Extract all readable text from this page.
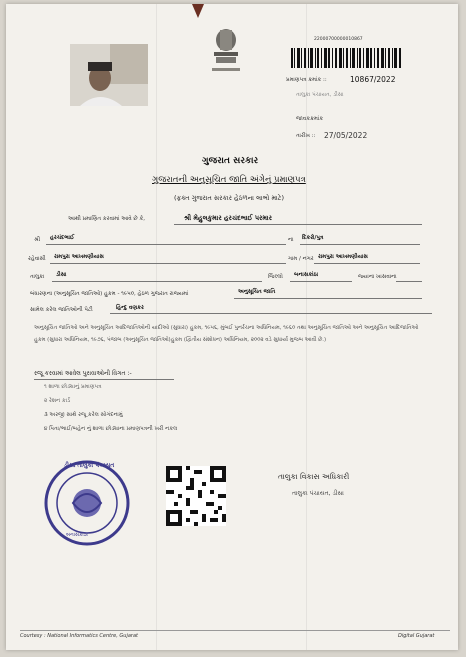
22000700000010867
પ્રમાણપત્ર ક્રમાંક ::	10867/2022
તાલુકા પંચાયત, ડીસા
જાવકક્રમાંક
તારીખ :: 27/05/2022
ગુજરાત સરકાર
ગુજરાતની અનુસૂચિત જાતિ અંગેનું પ્રમાણપત્ર
(ફક્ત ગુજરાત સરકાર હેઠળના લાભો માટે)
આથી પ્રમાણિત કરવામાં આવે છે કે,	શ્રી મેહુલકુમાર હરચંદભાઈ પરમાર
શ્રી હરચંદભાઈ	ના દિકરો/પુત્ર
રહેવાસી રામપુરા આખમણીયાસ	ગામ / નગર રામપુરા આખમણીયાસ
તાલુકા ડીસા	જિલ્લો બનાસકાંઠા	જ્યાના ખાસવાના
બંધારણના (અનુસૂચિત જાતિઓ) હુકમ - ૧૯૫૦, હેઠળ ગુજરાત રાજ્યમાં	અનુસૂચિત જાતિ
સામેલ કરેલ જાતિઓની પેટી	હિન્દુ વણકર
અનુસૂચિત જાતિઓ અને અનુસૂચિત આદિજાતિઓની યાદીઓ (સુધારા) હુકમ, ૧૯૫૬, મુંબઈ પુનર્રચના અધિનિયમ, ૧૯૬૦ તથા અનુસૂચિત જાતિઓ અને અનુસૂચિત આદિજાતિઓ હુકમ (સુધારા અધિનિયમ, ૧૯૭૬, પંજાબ (અનુસૂચિત જાતિઓ)હુકમ (દ્વિતીય સંશોધન) અધિનિયમ, ૨૦૦૨ વડે સુધાર્યા મુજબ આવી છે.)
રજૂ કરવામાં આવેલ પુરાવાઓની વિગત :-
૧ શાળા છોડ્યાનું પ્રમાણપત્ર
૨ રેશન કાર્ડ
૩ અરજી સાથે રજૂ કરેલ સોગંદનામું
૪ પિતા/ભાઈ/બહેન નું શાળા છોડ્યાના પ્રમાણપત્રની ખરી નકલ
ડીસા તાલુકા પંચાયત
બનાસકાંઠા
તાલુકા વિકાસ અધિકારી
તાલુકા પંચાયત, ડીસા
Courtesy : National Informatics Centre, Gujarat	Digital Gujarat
